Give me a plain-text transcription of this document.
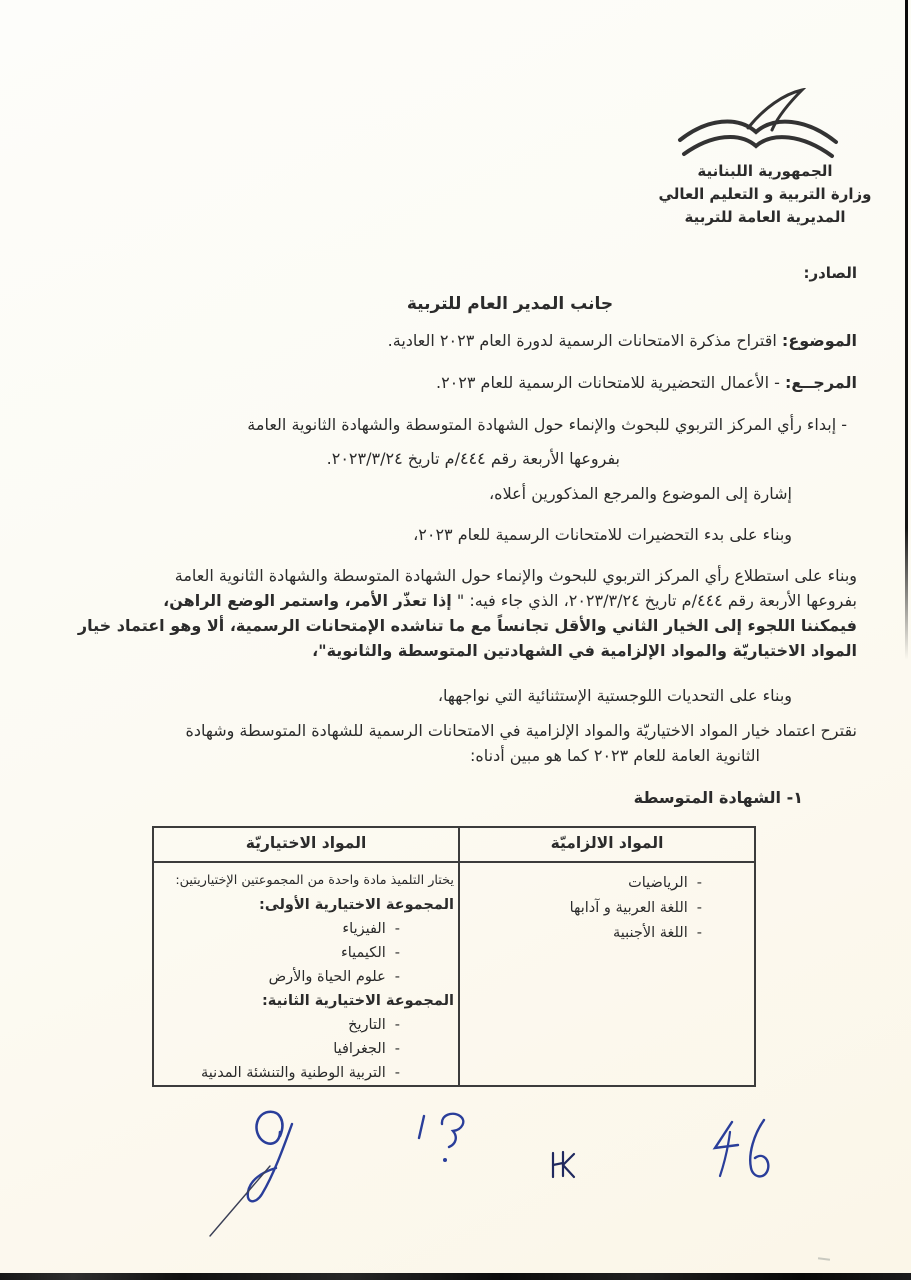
الجمهورية اللبنانية
وزارة التربية و التعليم العالي
المديرية العامة للتربية
الصادر:
جانب المدير العام للتربية
الموضوع: اقتراح مذكرة الامتحانات الرسمية لدورة العام ٢٠٢٣ العادية.
المرجــع: - الأعمال التحضيرية للامتحانات الرسمية للعام ٢٠٢٣.
- إبداء رأي المركز التربوي للبحوث والإنماء حول الشهادة المتوسطة والشهادة الثانوية العامة
بفروعها الأربعة رقم ٤٤٤/م تاريخ ٢٠٢٣/٣/٢٤.
إشارة إلى الموضوع والمرجع المذكورين أعلاه،
وبناء على بدء التحضيرات للامتحانات الرسمية للعام ٢٠٢٣،
وبناء على استطلاع رأي المركز التربوي للبحوث والإنماء حول الشهادة المتوسطة والشهادة الثانوية العامة
بفروعها الأربعة رقم ٤٤٤/م تاريخ ٢٠٢٣/٣/٢٤، الذي جاء فيه: " إذا تعذّر الأمر، واستمر الوضع الراهن،
فيمكننا اللجوء إلى الخيار الثاني والأقل تجانساً مع ما تناشده الإمتحانات الرسمية، ألا وهو اعتماد خيار
المواد الاختياريّة والمواد الإلزامية في الشهادتين المتوسطة والثانوية"،
وبناء على التحديات اللوجستية الإستثنائية التي نواجهها،
نقترح اعتماد خيار المواد الاختياريّة والمواد الإلزامية في الامتحانات الرسمية للشهادة المتوسطة وشهادة
الثانوية العامة للعام ٢٠٢٣ كما هو مبين أدناه:
١- الشهادة المتوسطة
المواد الالزاميّة
المواد الاختياريّة
-الرياضيات
-اللغة العربية و آدابها
-اللغة الأجنبية
يختار التلميذ مادة واحدة من المجموعتين الإختياريتين:
المجموعة الاختيارية الأولى:
-الفيزياء
-الكيمياء
-علوم الحياة والأرض
المجموعة الاختيارية الثانية:
-التاريخ
-الجغرافيا
-التربية الوطنية والتنشئة المدنية
